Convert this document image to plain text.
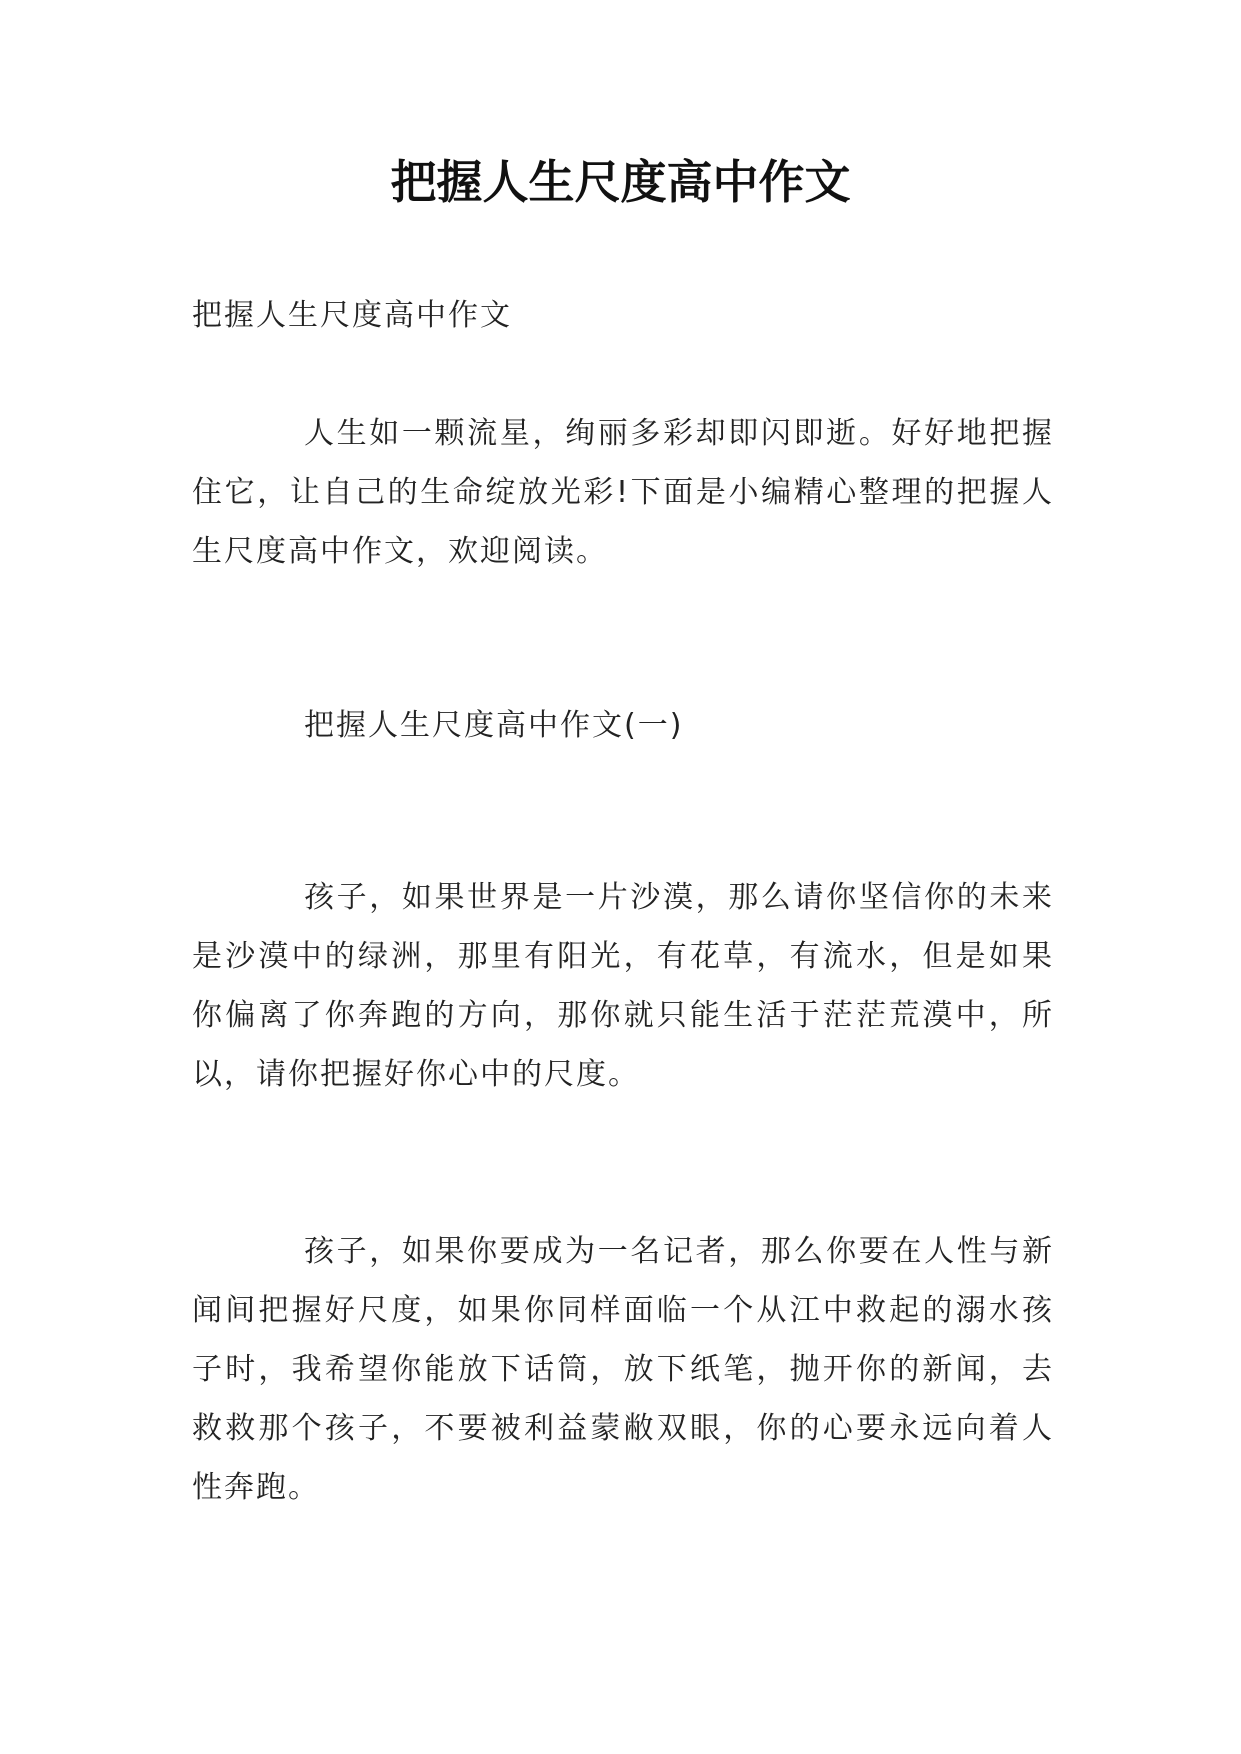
把握人生尺度高中作文

把握人生尺度高中作文

人生如一颗流星，绚丽多彩却即闪即逝。好好地把握住它，让自己的生命绽放光彩!下面是小编精心整理的把握人生尺度高中作文，欢迎阅读。

把握人生尺度高中作文(一)

孩子，如果世界是一片沙漠，那么请你坚信你的未来是沙漠中的绿洲，那里有阳光，有花草，有流水，但是如果你偏离了你奔跑的方向，那你就只能生活于茫茫荒漠中，所以，请你把握好你心中的尺度。

孩子，如果你要成为一名记者，那么你要在人性与新闻间把握好尺度，如果你同样面临一个从江中救起的溺水孩子时，我希望你能放下话筒，放下纸笔，抛开你的新闻，去救救那个孩子，不要被利益蒙敝双眼，你的心要永远向着人性奔跑。
